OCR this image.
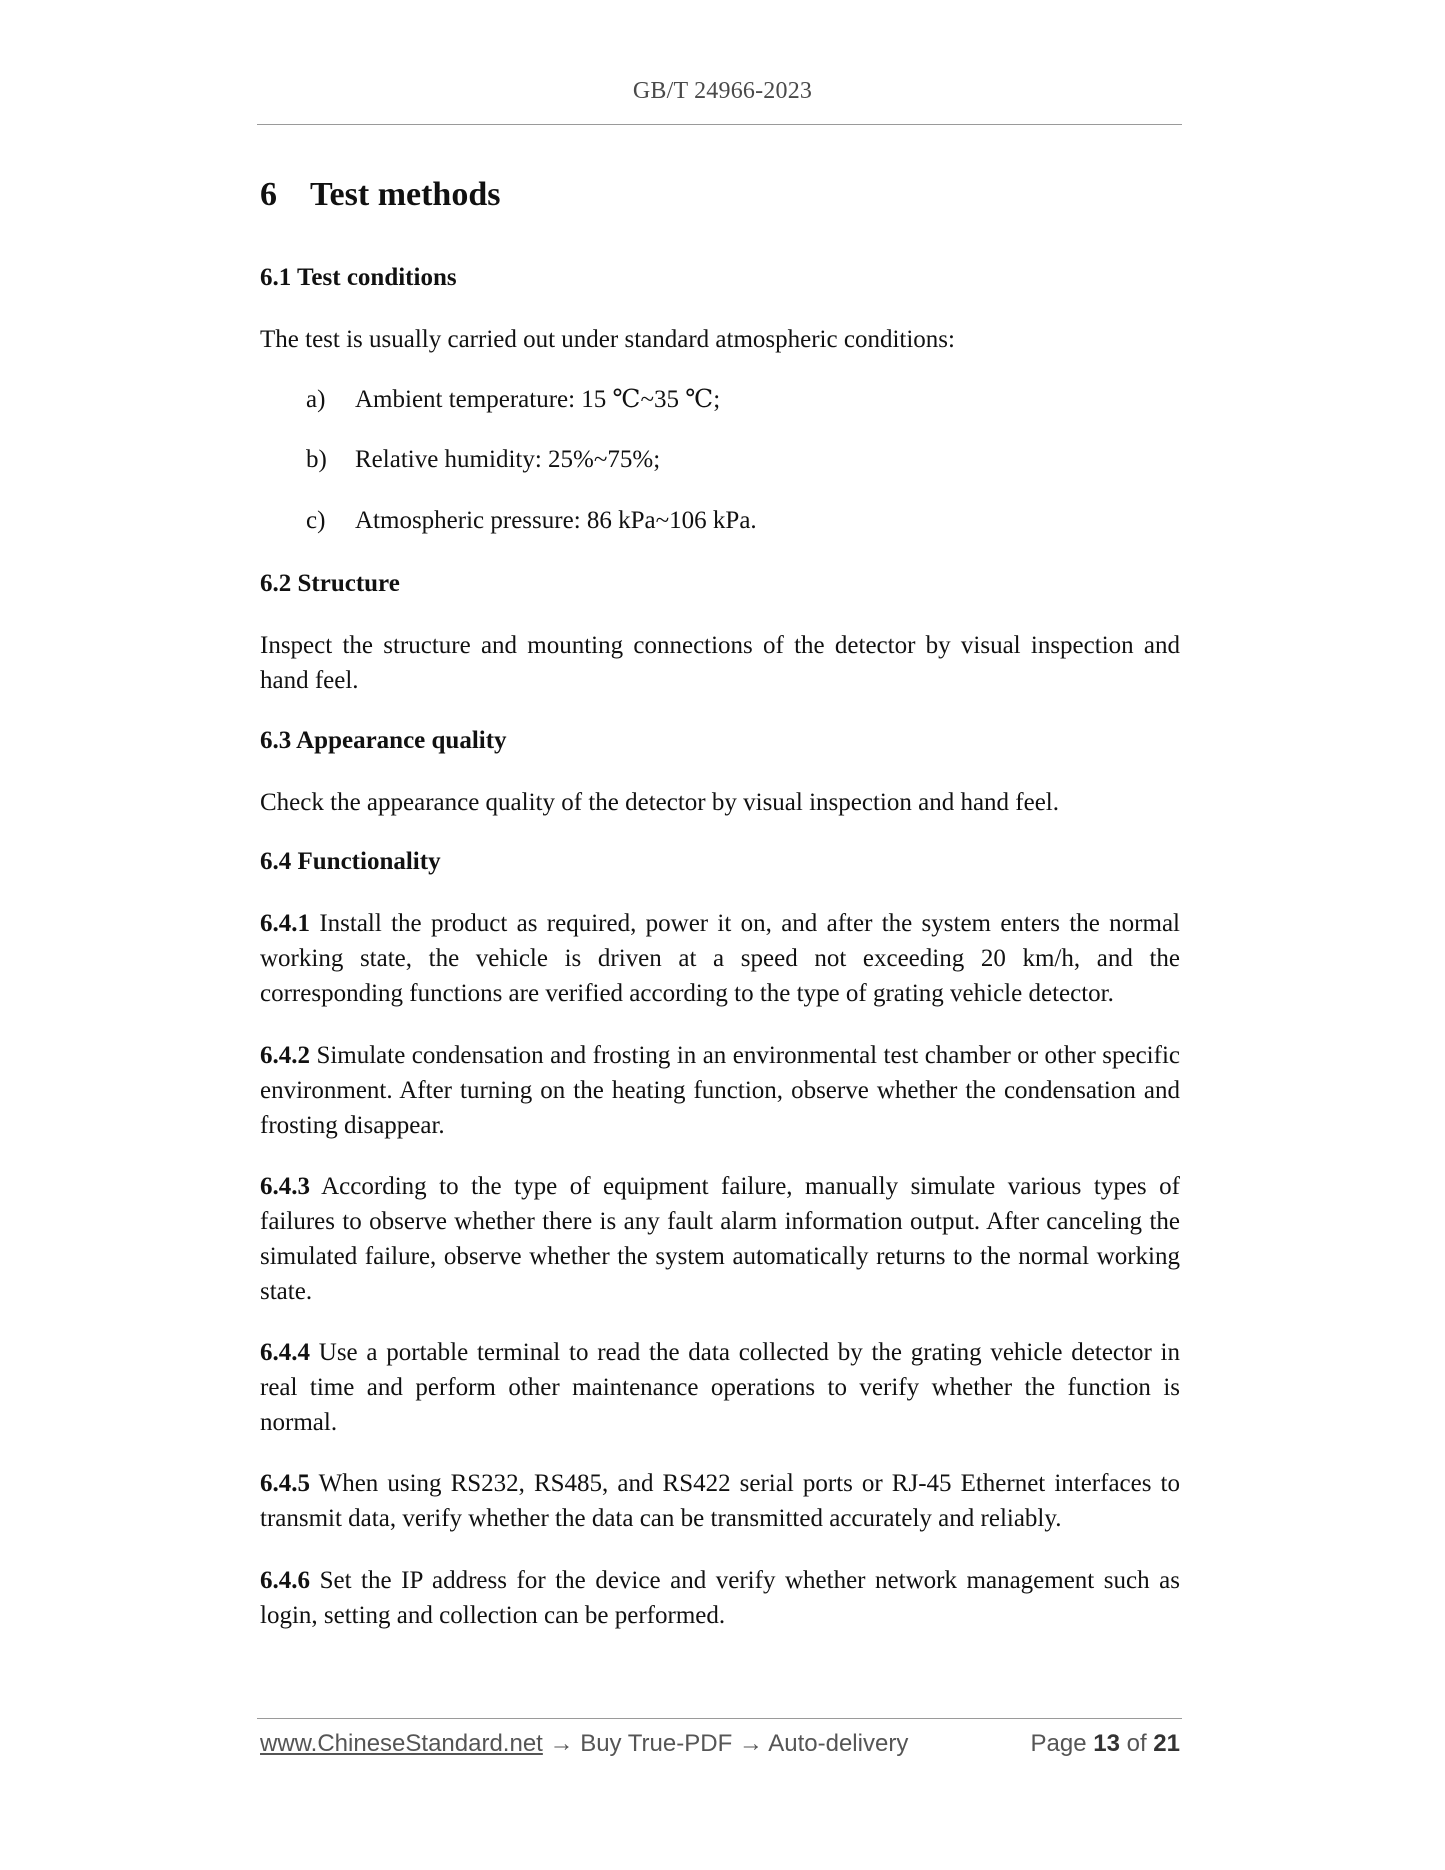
GB/T 24966-2023
6 Test methods
6.1 Test conditions
The test is usually carried out under standard atmospheric conditions:
a) Ambient temperature: 15 ℃~35 ℃;
b) Relative humidity: 25%~75%;
c) Atmospheric pressure: 86 kPa~106 kPa.
6.2 Structure
Inspect the structure and mounting connections of the detector by visual inspection and hand feel.
6.3 Appearance quality
Check the appearance quality of the detector by visual inspection and hand feel.
6.4 Functionality
6.4.1 Install the product as required, power it on, and after the system enters the normal working state, the vehicle is driven at a speed not exceeding 20 km/h, and the corresponding functions are verified according to the type of grating vehicle detector.
6.4.2 Simulate condensation and frosting in an environmental test chamber or other specific environment. After turning on the heating function, observe whether the condensation and frosting disappear.
6.4.3 According to the type of equipment failure, manually simulate various types of failures to observe whether there is any fault alarm information output. After canceling the simulated failure, observe whether the system automatically returns to the normal working state.
6.4.4 Use a portable terminal to read the data collected by the grating vehicle detector in real time and perform other maintenance operations to verify whether the function is normal.
6.4.5 When using RS232, RS485, and RS422 serial ports or RJ-45 Ethernet interfaces to transmit data, verify whether the data can be transmitted accurately and reliably.
6.4.6 Set the IP address for the device and verify whether network management such as login, setting and collection can be performed.
www.ChineseStandard.net → Buy True-PDF → Auto-delivery	Page 13 of 21
